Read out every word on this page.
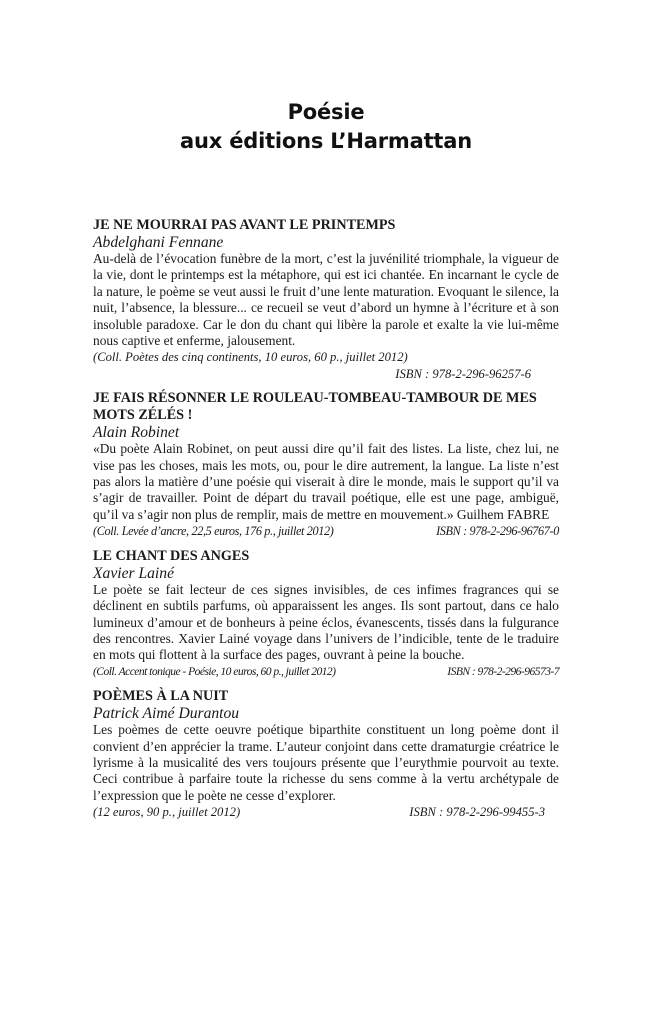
Poésie
aux éditions L’Harmattan
JE NE MOURRAI PAS AVANT LE PRINTEMPS
Abdelghani Fennane

Au-delà de l’évocation funèbre de la mort, c’est la juvénilité triomphale, la vigueur de la vie, dont le printemps est la métaphore, qui est ici chantée. En incarnant le cycle de la nature, le poème se veut aussi le fruit d’une lente maturation. Evoquant le silence, la nuit, l’absence, la blessure... ce recueil se veut d’abord un hymne à l’écriture et à son insoluble paradoxe. Car le don du chant qui libère la parole et exalte la vie lui-même nous captive et enferme, jalousement.

(Coll. Poètes des cinq continents, 10 euros, 60 p., juillet 2012)
ISBN : 978-2-296-96257-6
JE FAIS RÉSONNER LE ROULEAU-TOMBEAU-TAMBOUR DE MES MOTS ZÉLÉS !
Alain Robinet

«Du poète Alain Robinet, on peut aussi dire qu’il fait des listes. La liste, chez lui, ne vise pas les choses, mais les mots, ou, pour le dire autrement, la langue. La liste n’est pas alors la matière d’une poésie qui viserait à dire le monde, mais le support qu’il va s’agir de travailler. Point de départ du travail poétique, elle est une page, ambiguë, qu’il va s’agir non plus de remplir, mais de mettre en mouvement.» Guilhem FABRE

(Coll. Levée d’ancre, 22,5 euros, 176 p., juillet 2012)	ISBN : 978-2-296-96767-0
LE CHANT DES ANGES
Xavier Lainé

Le poète se fait lecteur de ces signes invisibles, de ces infimes fragrances qui se déclinent en subtils parfums, où apparaissent les anges. Ils sont partout, dans ce halo lumineux d’amour et de bonheurs à peine éclos, évanescents, tissés dans la fulgurance des rencontres. Xavier Lainé voyage dans l’univers de l’indicible, tente de le traduire en mots qui flottent à la surface des pages, ouvrant à peine la bouche.

(Coll. Accent tonique - Poésie, 10 euros, 60 p., juillet 2012)	ISBN : 978-2-296-96573-7
POÈMES À LA NUIT
Patrick Aimé Durantou

Les poèmes de cette oeuvre poétique biparthite constituent un long poème dont il convient d’en apprécier la trame. L’auteur conjoint dans cette dramaturgie créatrice le lyrisme à la musicalité des vers toujours présente que l’eurythmie pourvoit au texte. Ceci contribue à parfaire toute la richesse du sens comme à la vertu archétypale de l’expression que le poète ne cesse d’explorer.

(12 euros, 90 p., juillet 2012)	ISBN : 978-2-296-99455-3
